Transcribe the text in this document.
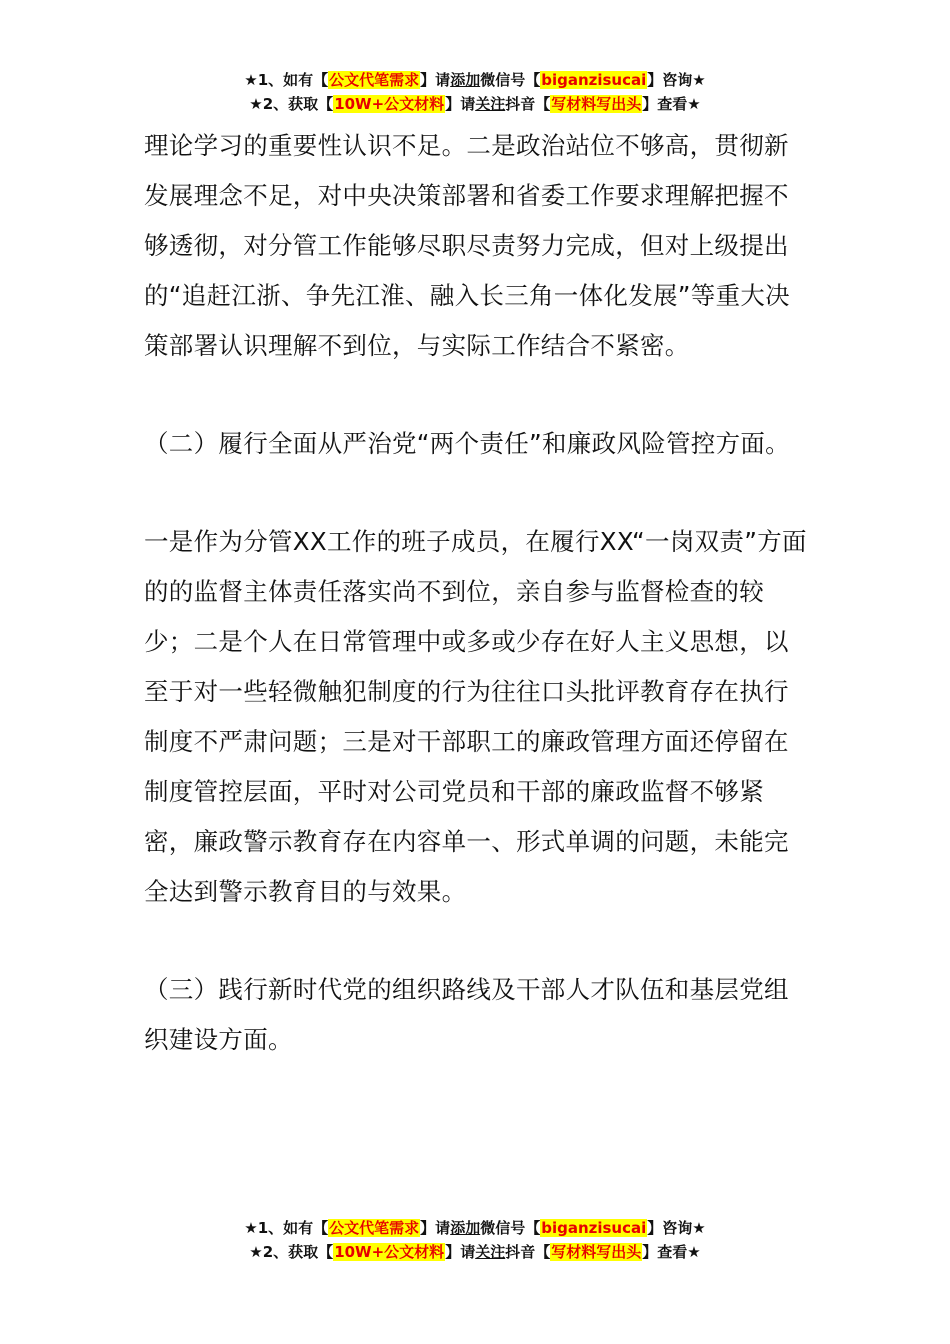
★1、如有【公文代笔需求】请添加微信号【biganzisucai】咨询★
★2、获取【10W+公文材料】请关注抖音【写材料写出头】查看★

理论学习的重要性认识不足。二是政治站位不够高，贯彻新发展理念不足，对中央决策部署和省委工作要求理解把握不够透彻，对分管工作能够尽职尽责努力完成，但对上级提出的“追赶江浙、争先江淮、融入长三角一体化发展”等重大决策部署认识理解不到位，与实际工作结合不紧密。

（二）履行全面从严治党“两个责任”和廉政风险管控方面。

一是作为分管XX工作的班子成员，在履行XX“一岗双责”方面的的监督主体责任落实尚不到位，亲自参与监督检查的较少；二是个人在日常管理中或多或少存在好人主义思想，以至于对一些轻微触犯制度的行为往往口头批评教育存在执行制度不严肃问题；三是对干部职工的廉政管理方面还停留在制度管控层面，平时对公司党员和干部的廉政监督不够紧密，廉政警示教育存在内容单一、形式单调的问题，未能完全达到警示教育目的与效果。

（三）践行新时代党的组织路线及干部人才队伍和基层党组织建设方面。

★1、如有【公文代笔需求】请添加微信号【biganzisucai】咨询★
★2、获取【10W+公文材料】请关注抖音【写材料写出头】查看★
